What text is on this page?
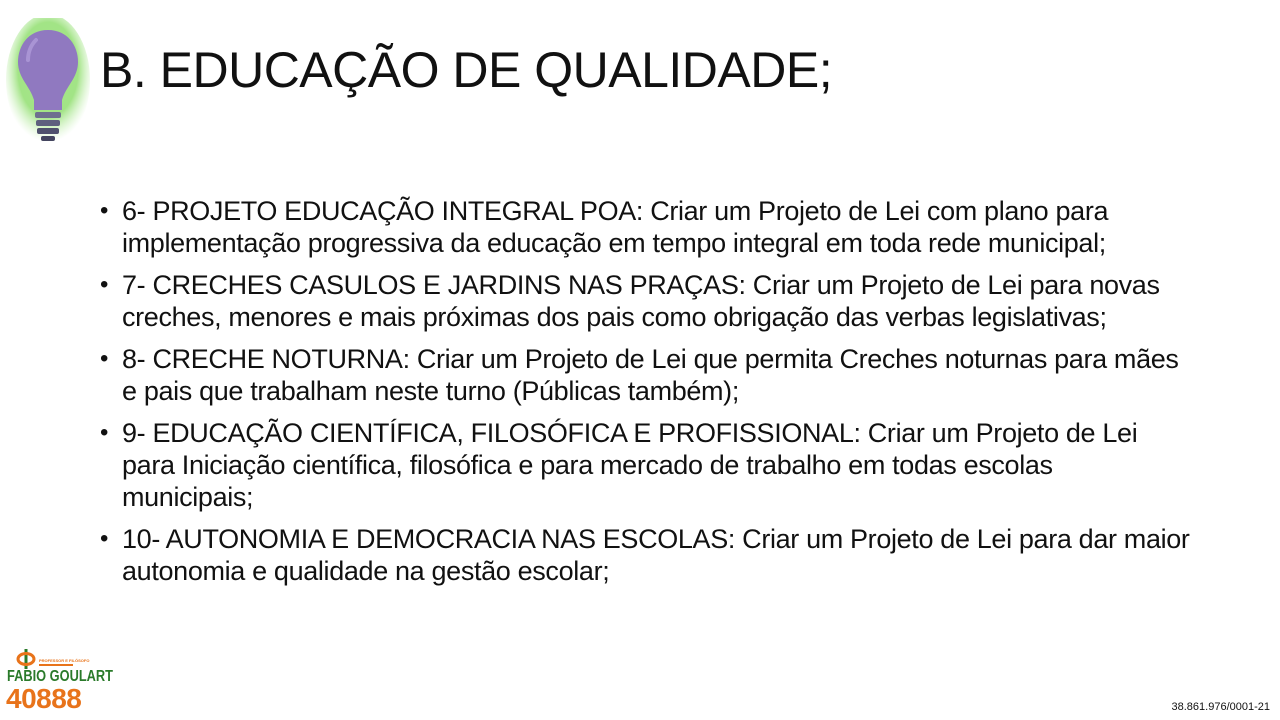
B. EDUCAÇÃO DE QUALIDADE;
• 6- PROJETO EDUCAÇÃO INTEGRAL POA: Criar um Projeto de Lei com plano para implementação progressiva da educação em tempo integral em toda rede municipal;
• 7- CRECHES CASULOS E JARDINS NAS PRAÇAS: Criar um Projeto de Lei para novas creches, menores e mais próximas dos pais como obrigação das verbas legislativas;
• 8- CRECHE NOTURNA: Criar um Projeto de Lei que permita Creches noturnas para mães e pais que trabalham neste turno (Públicas também);
• 9- EDUCAÇÃO CIENTÍFICA, FILOSÓFICA E PROFISSIONAL: Criar um Projeto de Lei para Iniciação científica, filosófica e para mercado de trabalho em todas escolas municipais;
• 10- AUTONOMIA E DEMOCRACIA NAS ESCOLAS: Criar um Projeto de Lei para dar maior autonomia e qualidade na gestão escolar;
PROFESSOR E FILÓSOFO
FABIO GOULART
40888	38.861.976/0001-21
